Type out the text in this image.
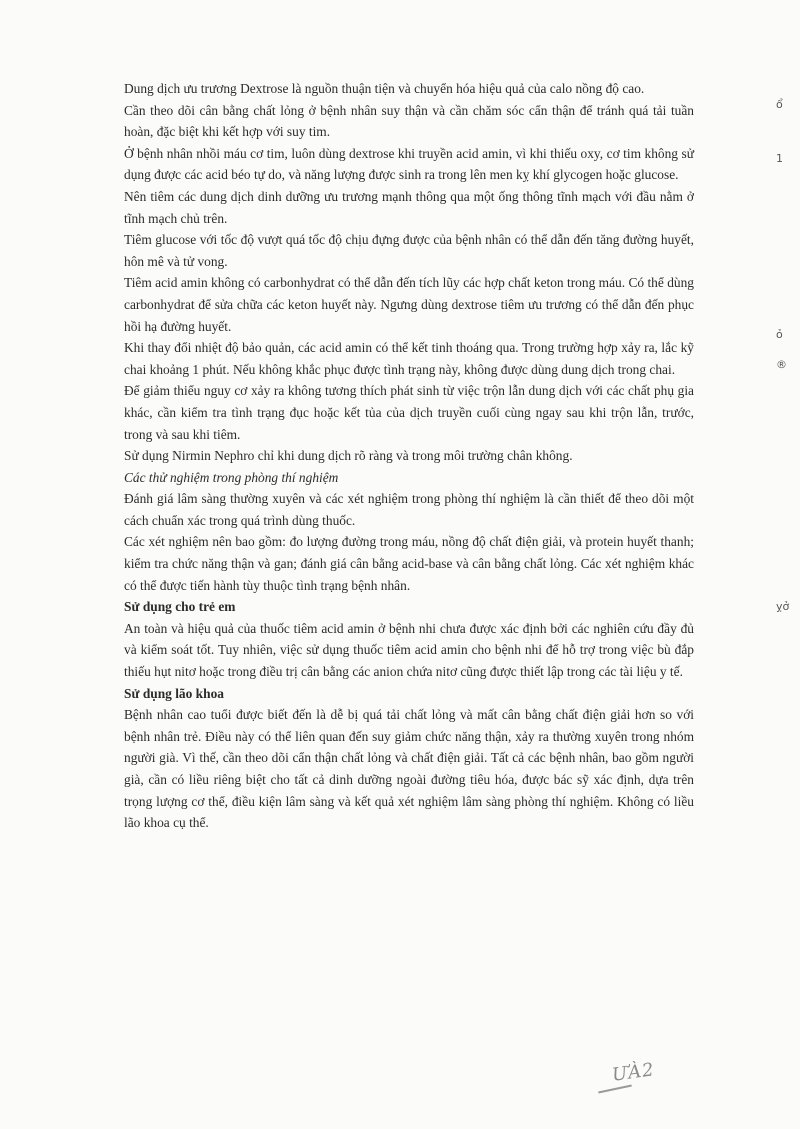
Dung dịch ưu trương Dextrose là nguồn thuận tiện và chuyển hóa hiệu quả của calo nồng độ cao.

Cần theo dõi cân bằng chất lỏng ở bệnh nhân suy thận và cần chăm sóc cẩn thận để tránh quá tải tuần hoàn, đặc biệt khi kết hợp với suy tim.

Ở bệnh nhân nhồi máu cơ tim, luôn dùng dextrose khi truyền acid amin, vì khi thiếu oxy, cơ tim không sử dụng được các acid béo tự do, và năng lượng được sinh ra trong lên men kỵ khí glycogen hoặc glucose.

Nên tiêm các dung dịch dinh dưỡng ưu trương mạnh thông qua một ống thông tĩnh mạch với đầu nằm ở tĩnh mạch chủ trên.

Tiêm glucose với tốc độ vượt quá tốc độ chịu đựng được của bệnh nhân có thể dẫn đến tăng đường huyết, hôn mê và tử vong.

Tiêm acid amin không có carbonhydrat có thể dẫn đến tích lũy các hợp chất keton trong máu. Có thể dùng carbonhydrat để sửa chữa các keton huyết này. Ngưng dùng dextrose tiêm ưu trương có thể dẫn đến phục hồi hạ đường huyết.

Khi thay đổi nhiệt độ bảo quản, các acid amin có thể kết tinh thoáng qua. Trong trường hợp xảy ra, lắc kỹ chai khoảng 1 phút. Nếu không khắc phục được tình trạng này, không được dùng dung dịch trong chai.

Để giảm thiểu nguy cơ xảy ra không tương thích phát sinh từ việc trộn lẫn dung dịch với các chất phụ gia khác, cần kiểm tra tình trạng đục hoặc kết tủa của dịch truyền cuối cùng ngay sau khi trộn lẫn, trước, trong và sau khi tiêm.

Sử dụng Nirmin Nephro chỉ khi dung dịch rõ ràng và trong môi trường chân không.

Các thử nghiệm trong phòng thí nghiệm

Đánh giá lâm sàng thường xuyên và các xét nghiệm trong phòng thí nghiệm là cần thiết để theo dõi một cách chuẩn xác trong quá trình dùng thuốc.

Các xét nghiệm nên bao gồm: đo lượng đường trong máu, nồng độ chất điện giải, và protein huyết thanh; kiểm tra chức năng thận và gan; đánh giá cân bằng acid-base và cân bằng chất lỏng. Các xét nghiệm khác có thể được tiến hành tùy thuộc tình trạng bệnh nhân.

Sử dụng cho trẻ em

An toàn và hiệu quả của thuốc tiêm acid amin ở bệnh nhi chưa được xác định bởi các nghiên cứu đầy đủ và kiểm soát tốt. Tuy nhiên, việc sử dụng thuốc tiêm acid amin cho bệnh nhi để hỗ trợ trong việc bù đắp thiếu hụt nitơ hoặc trong điều trị cân bằng các anion chứa nitơ cũng được thiết lập trong các tài liệu y tế.

Sử dụng lão khoa

Bệnh nhân cao tuổi được biết đến là dễ bị quá tải chất lỏng và mất cân bằng chất điện giải hơn so với bệnh nhân trẻ. Điều này có thể liên quan đến suy giảm chức năng thận, xảy ra thường xuyên trong nhóm người già. Vì thế, cần theo dõi cẩn thận chất lỏng và chất điện giải. Tất cả các bệnh nhân, bao gồm người già, cần có liều riêng biệt cho tất cả dinh dưỡng ngoài đường tiêu hóa, được bác sỹ xác định, dựa trên trọng lượng cơ thể, điều kiện lâm sàng và kết quả xét nghiệm lâm sàng phòng thí nghiệm. Không có liều lão khoa cụ thể.

ổ
1
ỏ
®
ỵở
ƯÀ2
